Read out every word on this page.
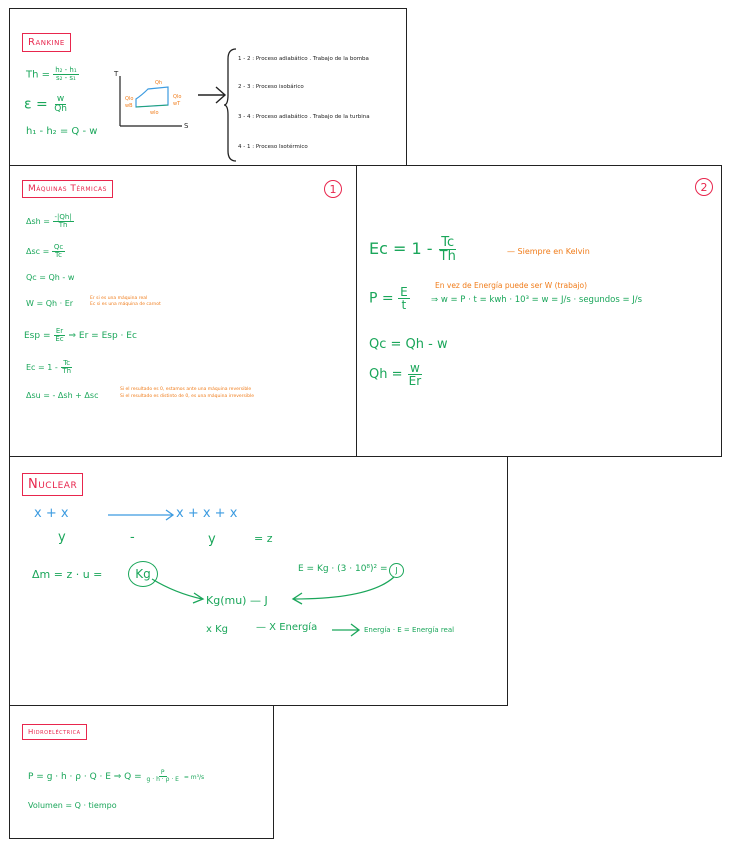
Rankine
$Th = \frac{\text{h₂ - h₁}}{\text{s₂ - s₁}}$
$\varepsilon = \frac{w}{Qh}$
h₁ - h₂ = Q - w
T
S
Qh
Qlo
wT
Qlo
wB
wlo
1 - 2 : Proceso adiabático . Trabajo de la bomba
2 - 3 : Proceso isobárico
3 - 4 : Proceso adiabático . Trabajo de la turbina
4 - 1 : Proceso Isotérmico
Máquinas Térmicas	1
$\Delta sh = \frac{-|Qh|}{Th}$
$\Delta sc = \frac{Qc}{Tc}$
Qc = Qh - w
W = Qh · Er
Er si es una máquina real
Ec si es una máquina de carnot
Esp = $\frac{Er}{Ec}$ ⇒ Er = Esp · Ec
$Ec = 1 - \frac{Tc}{Th}$
Δsu = - Δsh + Δsc
Si el resultado es 0, estamos ante una máquina reversible
Si el resultado es distinto de 0, es una máquina irreversible
2
$Ec = 1 - \frac{Tc}{Th}$	— Siempre en Kelvin
$P = \frac{E}{t}$
En vez de Energía puede ser W (trabajo)
⇒ w = P · t = kwh · 10³ = w = J/s · segundos = J/s
Qc = Qh - w
$Qh = \frac{w}{Er}$
Nuclear
x + x	x + x + x
y	-	y	= z
Δm = z · u =	Kg	E = Kg · (3 · 10⁸)² = J
Kg(mu) — J
x Kg	— X Energía	Energía · E = Energía real
Hidroeléctrica
P = g · h · ρ · Q · E ⇒ $Q = \frac{P}{g \cdot h \cdot \rho \cdot E} = m^3/s$
Volumen = Q · tiempo
